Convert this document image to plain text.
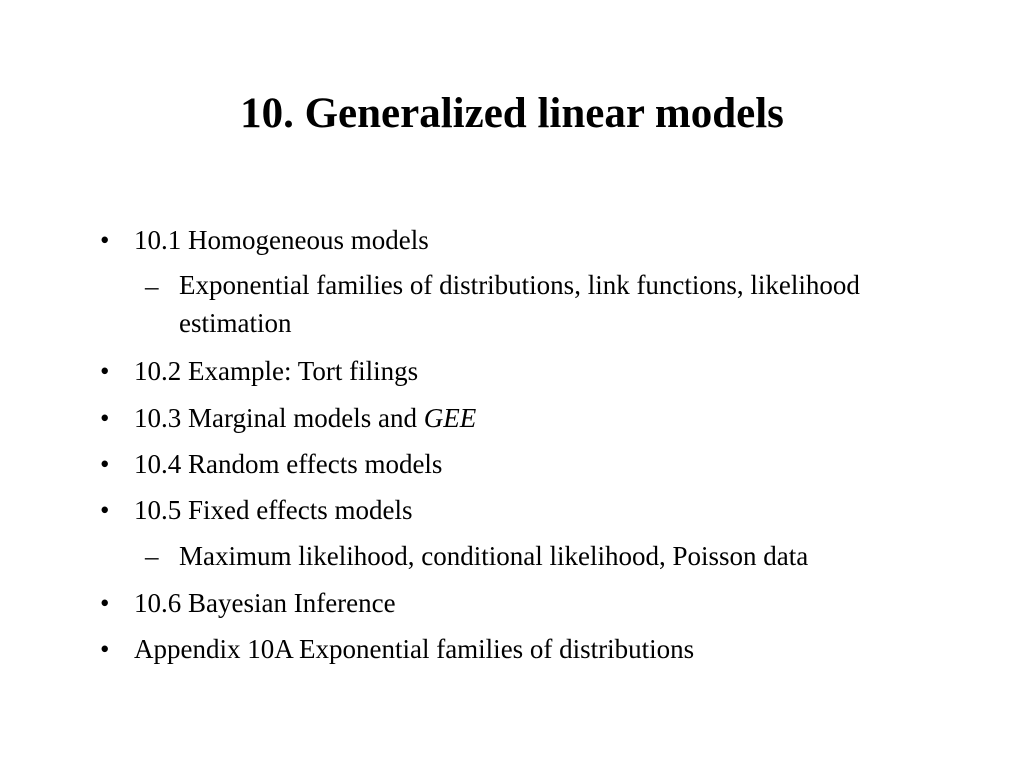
10. Generalized linear models
• 10.1 Homogeneous models
– Exponential families of distributions, link functions, likelihood estimation
• 10.2 Example: Tort filings
• 10.3 Marginal models and GEE
• 10.4 Random effects models
• 10.5 Fixed effects models
– Maximum likelihood, conditional likelihood, Poisson data
• 10.6 Bayesian Inference
• Appendix 10A Exponential families of distributions
